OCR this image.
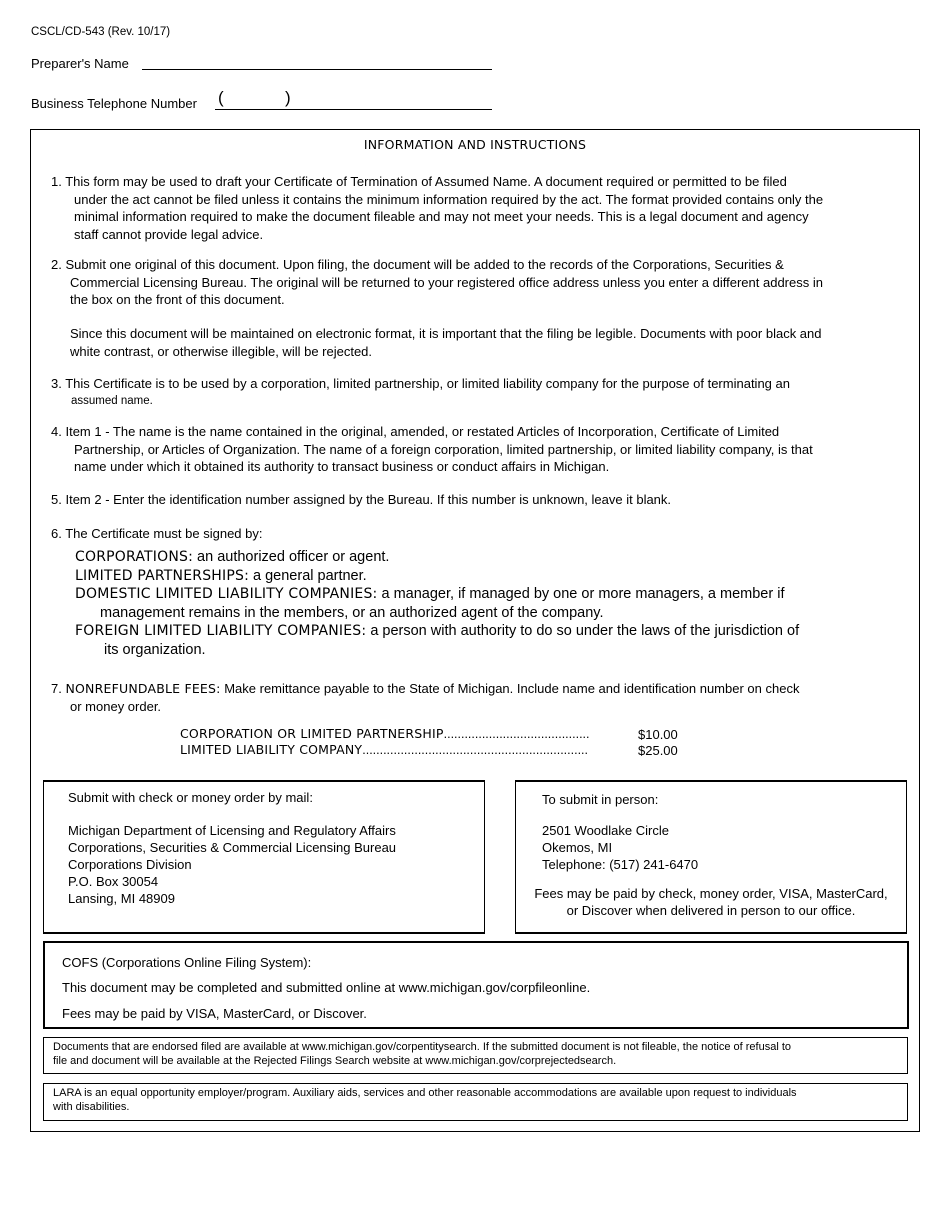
CSCL/CD-543 (Rev. 10/17)
Preparer's Name
Business Telephone Number (	)
INFORMATION AND INSTRUCTIONS
1. This form may be used to draft your Certificate of Termination of Assumed Name. A document required or permitted to be filed
under the act cannot be filed unless it contains the minimum information required by the act. The format provided contains only the
minimal information required to make the document fileable and may not meet your needs. This is a legal document and agency
staff cannot provide legal advice.
2. Submit one original of this document. Upon filing, the document will be added to the records of the Corporations, Securities &
Commercial Licensing Bureau. The original will be returned to your registered office address unless you enter a different address in
the box on the front of this document.
Since this document will be maintained on electronic format, it is important that the filing be legible. Documents with poor black and
white contrast, or otherwise illegible, will be rejected.
3. This Certificate is to be used by a corporation, limited partnership, or limited liability company for the purpose of terminating an
assumed name.
4. Item 1 - The name is the name contained in the original, amended, or restated Articles of Incorporation, Certificate of Limited
Partnership, or Articles of Organization. The name of a foreign corporation, limited partnership, or limited liability company, is that
name under which it obtained its authority to transact business or conduct affairs in Michigan.
5. Item 2 - Enter the identification number assigned by the Bureau. If this number is unknown, leave it blank.
6. The Certificate must be signed by:
CORPORATIONS: an authorized officer or agent.
LIMITED PARTNERSHIPS: a general partner.
DOMESTIC LIMITED LIABILITY COMPANIES: a manager, if managed by one or more managers, a member if
management remains in the members, or an authorized agent of the company.
FOREIGN LIMITED LIABILITY COMPANIES: a person with authority to do so under the laws of the jurisdiction of
its organization.
7. NONREFUNDABLE FEES: Make remittance payable to the State of Michigan. Include name and identification number on check
or money order.
CORPORATION OR LIMITED PARTNERSHIP..........................................	$10.00
LIMITED LIABILITY COMPANY.................................................................	$25.00
Submit with check or money order by mail:
Michigan Department of Licensing and Regulatory Affairs
Corporations, Securities & Commercial Licensing Bureau
Corporations Division
P.O. Box 30054
Lansing, MI 48909
To submit in person:
2501 Woodlake Circle
Okemos, MI
Telephone: (517) 241-6470
Fees may be paid by check, money order, VISA, MasterCard,
or Discover when delivered in person to our office.
COFS (Corporations Online Filing System):
This document may be completed and submitted online at www.michigan.gov/corpfileonline.
Fees may be paid by VISA, MasterCard, or Discover.
Documents that are endorsed filed are available at www.michigan.gov/corpentitysearch. If the submitted document is not fileable, the notice of refusal to
file and document will be available at the Rejected Filings Search website at www.michigan.gov/corprejectedsearch.
LARA is an equal opportunity employer/program. Auxiliary aids, services and other reasonable accommodations are available upon request to individuals
with disabilities.
